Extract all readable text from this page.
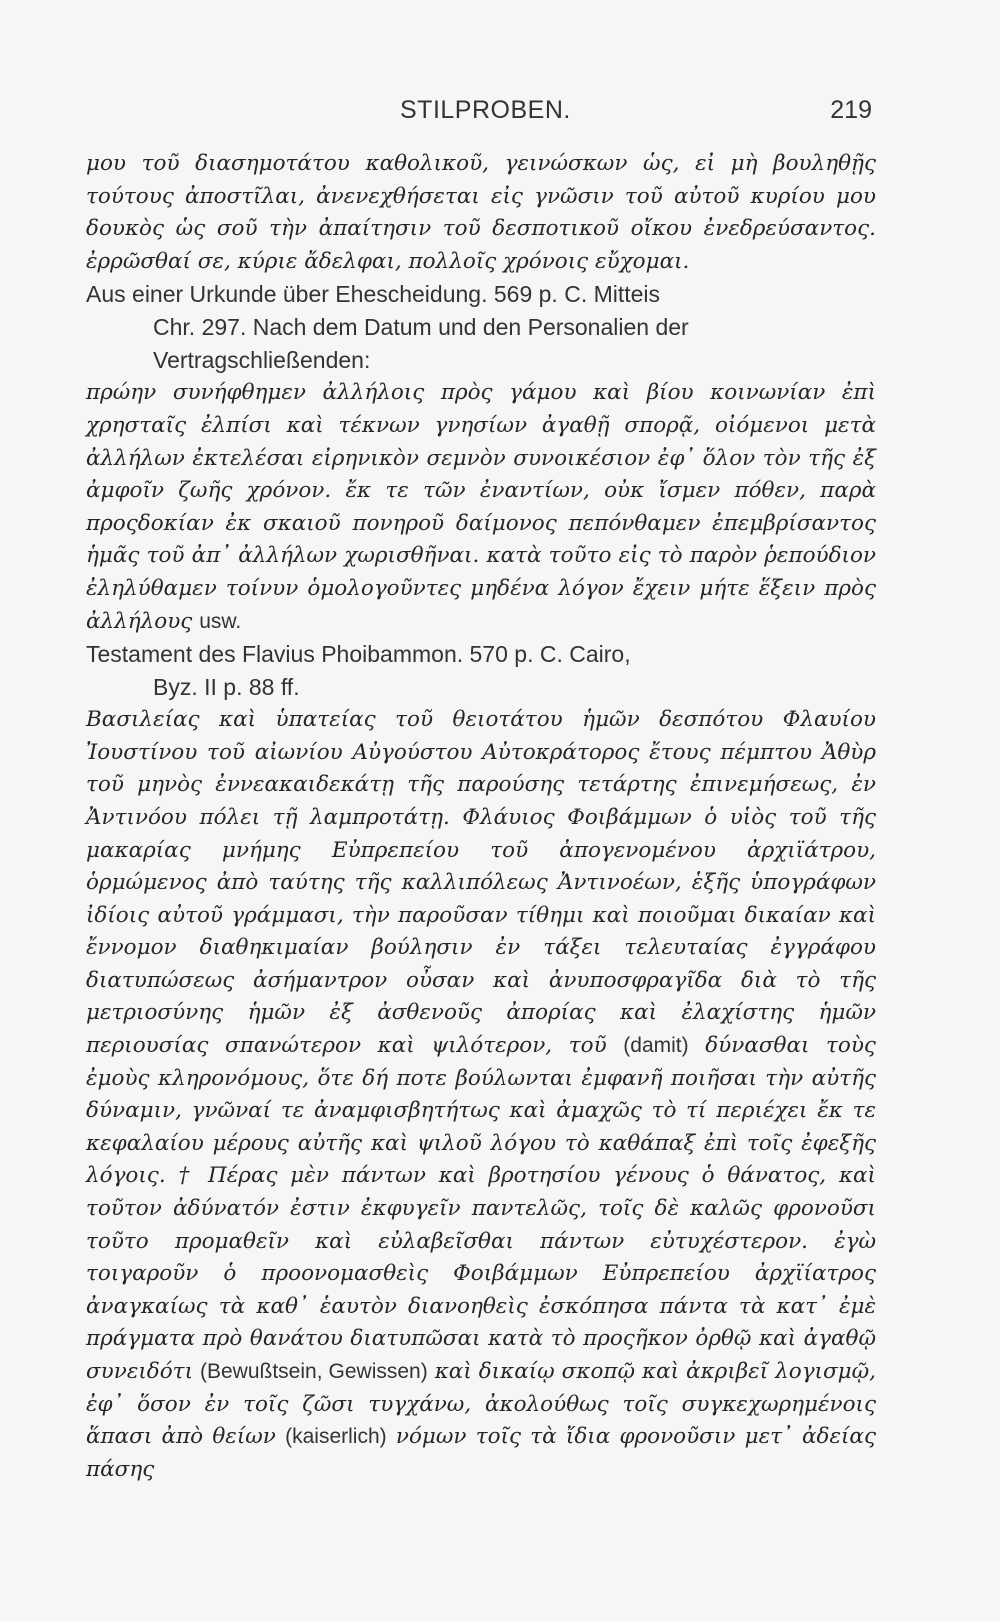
STILPROBEN.	219

μου τοῦ διασημοτάτου καθολικοῦ, γεινώσκων ὡς, εἰ μὴ βουληθῇς τούτους ἀποστῖλαι, ἀνενεχθήσεται εἰς γνῶσιν τοῦ αὐτοῦ κυρίου μου δουκὸς ὡς σοῦ τὴν ἀπαίτησιν τοῦ δεσποτικοῦ οἴκου ἐνεδρεύσαντος. ἐρρῶσθαί σε, κύριε ἄδελφαι, πολλοῖς χρόνοις εὔχομαι.

Aus einer Urkunde über Ehescheidung. 569 p. C. Mitteis
Chr. 297. Nach dem Datum und den Personalien der
Vertragschließenden:

πρώην συνήφθημεν ἀλλήλοις πρὸς γάμου καὶ βίου κοινωνίαν ἐπὶ χρησταῖς ἐλπίσι καὶ τέκνων γνησίων ἀγαθῇ σπορᾷ, οἰόμενοι μετὰ ἀλλήλων ἐκτελέσαι εἰρηνικὸν σεμνὸν συνοικέσιον ἐφ᾽ ὅλον τὸν τῆς ἐξ ἀμφοῖν ζωῆς χρόνον. ἔκ τε τῶν ἐναντίων, οὐκ ἴσμεν πόθεν, παρὰ προςδοκίαν ἐκ σκαιοῦ πονηροῦ δαίμονος πεπόνθαμεν ἐπεμβρίσαντος ἡμᾶς τοῦ ἀπ᾽ ἀλλήλων χωρισθῆναι. κατὰ τοῦτο εἰς τὸ παρὸν ῥεπούδιον ἐληλύθαμεν τοίνυν ὁμολογοῦντες μηδένα λόγον ἔχειν μήτε ἕξειν πρὸς ἀλλήλους usw.

Testament des Flavius Phoibammon. 570 p. C. Cairo,
Byz. II p. 88 ff.

Βασιλείας καὶ ὑπατείας τοῦ θειοτάτου ἡμῶν δεσπότου Φλαυίου Ἰουστίνου τοῦ αἰωνίου Αὐγούστου Αὐτοκράτορος ἔτους πέμπτου Ἀθὺρ τοῦ μηνὸς ἐννεακαιδεκάτῃ τῆς παρούσης τετάρτης ἐπινεμήσεως, ἐν Ἀντινόου πόλει τῇ λαμπροτάτῃ. Φλάυιος Φοιβάμμων ὁ υἱὸς τοῦ τῆς μακαρίας μνήμης Εὐπρεπείου τοῦ ἀπογενομένου ἀρχιϊάτρου, ὁρμώμενος ἀπὸ ταύτης τῆς καλλιπόλεως Ἀντινοέων, ἑξῆς ὑπογράφων ἰδίοις αὐτοῦ γράμμασι, τὴν παροῦσαν τίθημι καὶ ποιοῦμαι δικαίαν καὶ ἔννομον διαθηκιμαίαν βούλησιν ἐν τάξει τελευταίας ἐγγράφου διατυπώσεως ἀσήμαντρον οὖσαν καὶ ἀνυποσφραγῖδα διὰ τὸ τῆς μετριοσύνης ἡμῶν ἐξ ἀσθενοῦς ἀπορίας καὶ ἐλαχίστης ἡμῶν περιουσίας σπανώτερον καὶ ψιλότερον, τοῦ (damit) δύνασθαι τοὺς ἐμοὺς κληρονόμους, ὅτε δή ποτε βούλωνται ἐμφανῆ ποιῆσαι τὴν αὐτῆς δύναμιν, γνῶναί τε ἀναμφισβητήτως καὶ ἀμαχῶς τὸ τί περιέχει ἔκ τε κεφαλαίου μέρους αὐτῆς καὶ ψιλοῦ λόγου τὸ καθάπαξ ἐπὶ τοῖς ἐφεξῆς λόγοις. † Πέρας μὲν πάντων καὶ βροτησίου γένους ὁ θάνατος, καὶ τοῦτον ἀδύνατόν ἐστιν ἐκφυγεῖν παντελῶς, τοῖς δὲ καλῶς φρονοῦσι τοῦτο προμαθεῖν καὶ εὐλαβεῖσθαι πάντων εὐτυχέστερον. ἐγὼ τοιγαροῦν ὁ προονομασθεὶς Φοιβάμμων Εὐπρεπείου ἀρχϊίατρος ἀναγκαίως τὰ καθ᾽ ἑαυτὸν διανοηθεὶς ἐσκόπησα πάντα τὰ κατ᾽ ἐμὲ πράγματα πρὸ θανάτου διατυπῶσαι κατὰ τὸ προςῆκον ὀρθῷ καὶ ἀγαθῷ συνειδότι (Bewußtsein, Gewissen) καὶ δικαίῳ σκοπῷ καὶ ἀκριβεῖ λογισμῷ, ἐφ᾽ ὅσον ἐν τοῖς ζῶσι τυγχάνω, ἀκολούθως τοῖς συγκεχωρημένοις ἅπασι ἀπὸ θείων (kaiserlich) νόμων τοῖς τὰ ἴδια φρονοῦσιν μετ᾽ ἀδείας πάσης
